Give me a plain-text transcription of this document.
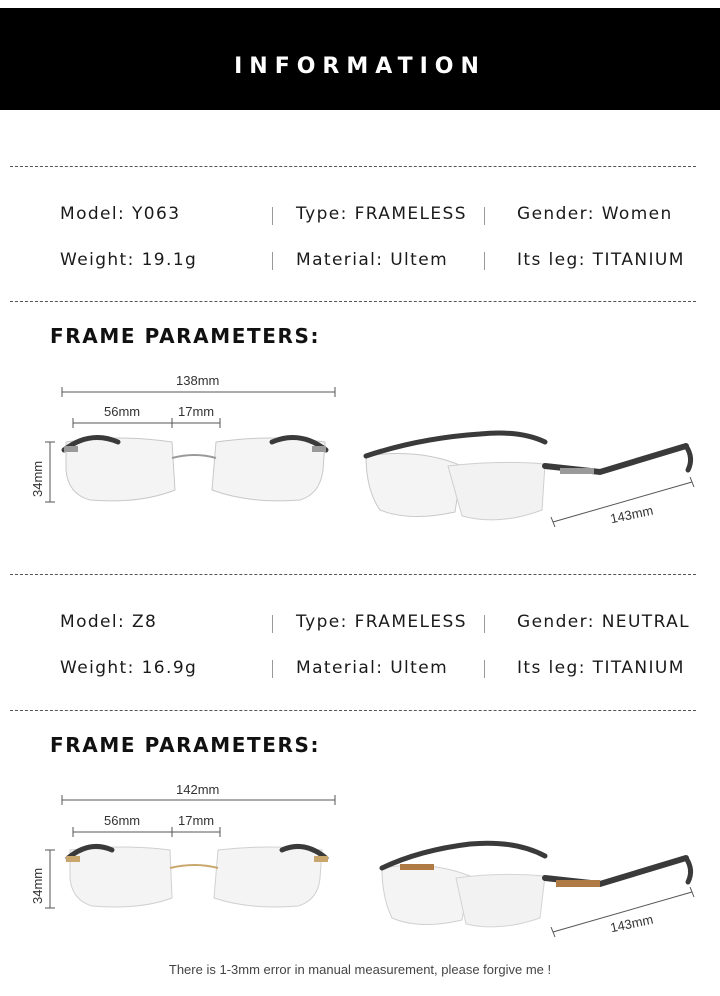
INFORMATION
Model: Y063	Type: FRAMELESS	Gender: Women
Weight: 19.1g	Material: Ultem	Its leg: TITANIUM
FRAME PARAMETERS:
138mm
56mm	17mm
34mm
143mm
Model: Z8	Type: FRAMELESS	Gender: NEUTRAL
Weight: 16.9g	Material: Ultem	Its leg: TITANIUM
FRAME PARAMETERS:
142mm
56mm	17mm
34mm
143mm
There is 1-3mm error in manual measurement, please forgive me !
